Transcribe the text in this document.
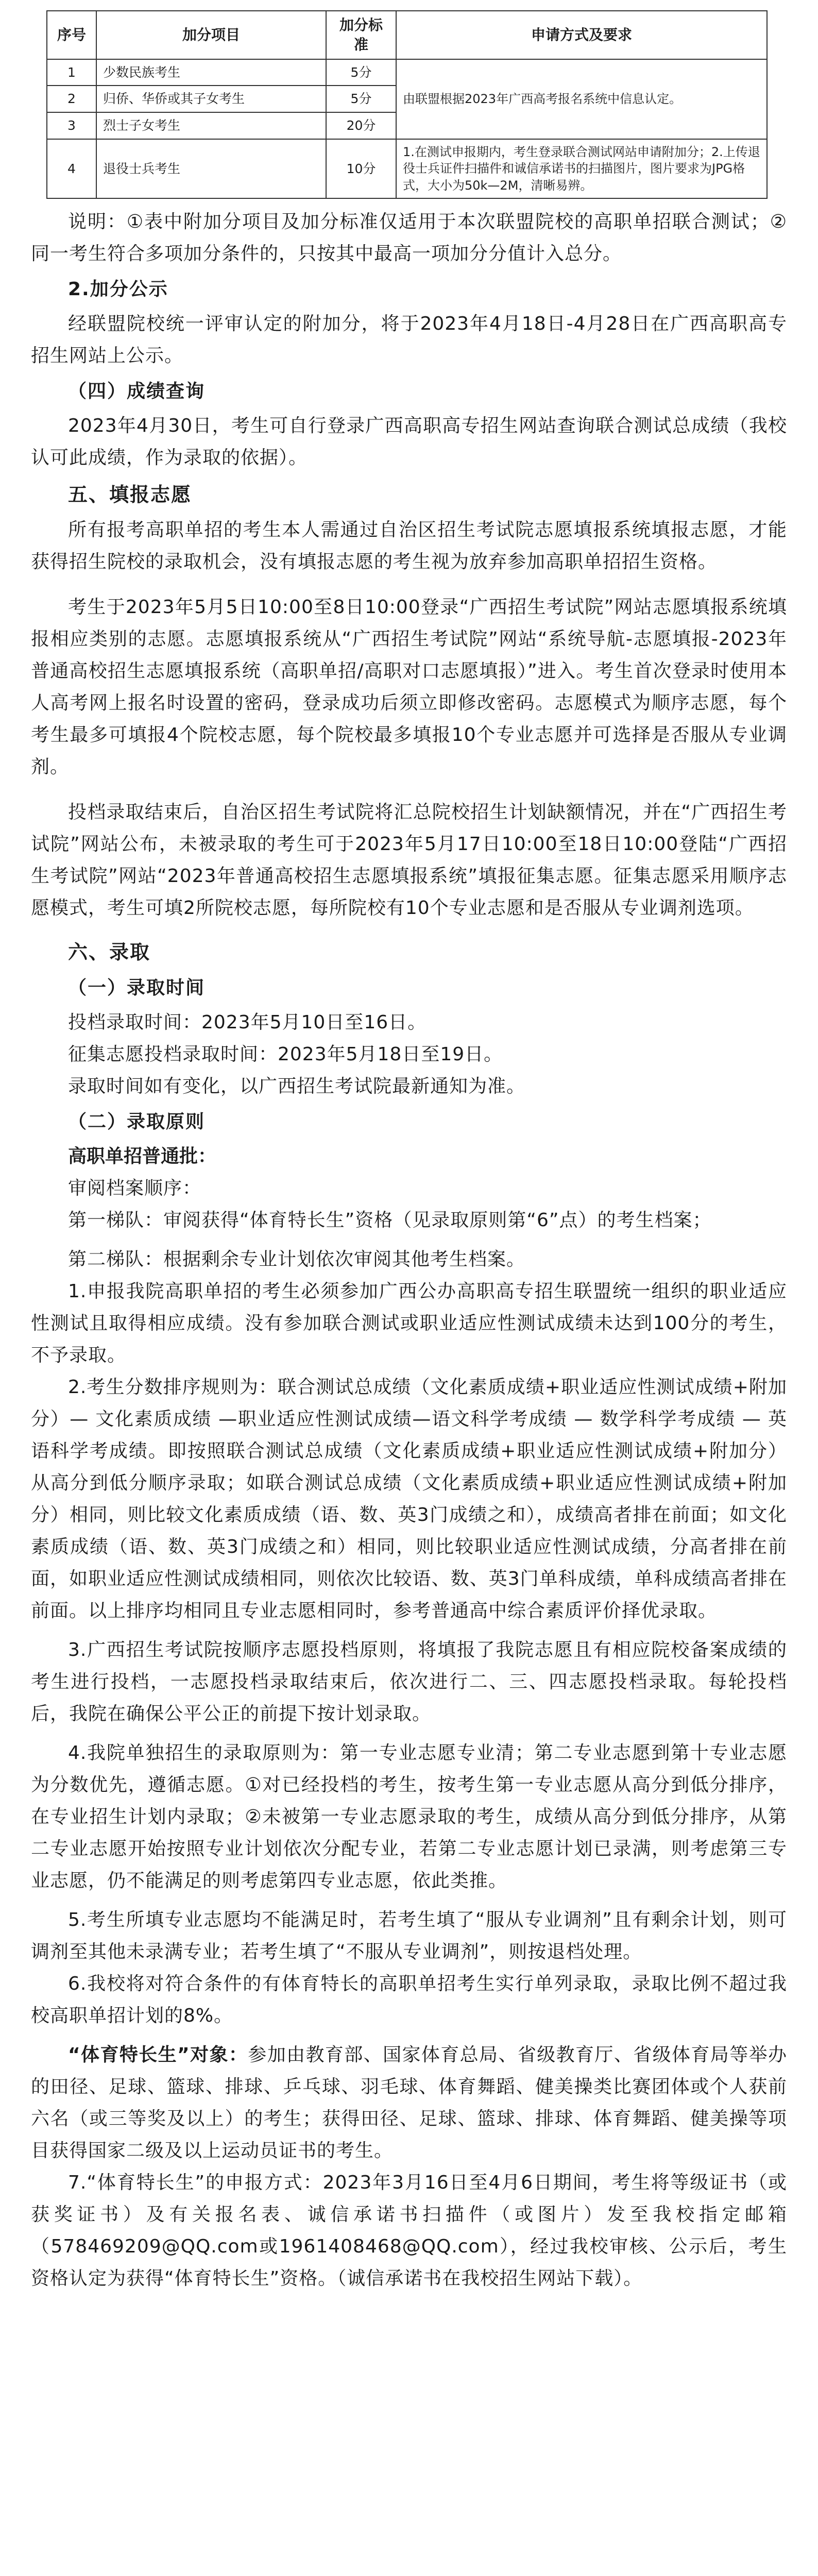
序号	加分项目	加分标准	申请方式及要求
1	少数民族考生	5分	由联盟根据2023年广西高考报名系统中信息认定。
2	归侨、华侨或其子女考生	5分	
3	烈士子女考生	20分	
4	退役士兵考生	10分	1.在测试申报期内，考生登录联合测试网站申请附加分；2.上传退役士兵证件扫描件和诚信承诺书的扫描图片，图片要求为JPG格式，大小为50k—2M，清晰易辨。

说明：①表中附加分项目及加分标准仅适用于本次联盟院校的高职单招联合测试；②同一考生符合多项加分条件的，只按其中最高一项加分分值计入总分。

2.加分公示

经联盟院校统一评审认定的附加分，将于2023年4月18日-4月28日在广西高职高专招生网站上公示。

（四）成绩查询

2023年4月30日，考生可自行登录广西高职高专招生网站查询联合测试总成绩（我校认可此成绩，作为录取的依据）。

五、填报志愿

所有报考高职单招的考生本人需通过自治区招生考试院志愿填报系统填报志愿，才能获得招生院校的录取机会，没有填报志愿的考生视为放弃参加高职单招招生资格。

考生于2023年5月5日10:00至8日10:00登录“广西招生考试院”网站志愿填报系统填报相应类别的志愿。志愿填报系统从“广西招生考试院”网站“系统导航-志愿填报-2023年普通高校招生志愿填报系统（高职单招/高职对口志愿填报）”进入。考生首次登录时使用本人高考网上报名时设置的密码，登录成功后须立即修改密码。志愿模式为顺序志愿，每个考生最多可填报4个院校志愿，每个院校最多填报10个专业志愿并可选择是否服从专业调剂。

投档录取结束后，自治区招生考试院将汇总院校招生计划缺额情况，并在“广西招生考试院”网站公布，未被录取的考生可于2023年5月17日10:00至18日10:00登陆“广西招生考试院”网站“2023年普通高校招生志愿填报系统”填报征集志愿。征集志愿采用顺序志愿模式，考生可填2所院校志愿，每所院校有10个专业志愿和是否服从专业调剂选项。

六、录取
（一）录取时间

投档录取时间：2023年5月10日至16日。

征集志愿投档录取时间：2023年5月18日至19日。

录取时间如有变化，以广西招生考试院最新通知为准。

（二）录取原则
高职单招普通批：

审阅档案顺序：

第一梯队：审阅获得“体育特长生”资格（见录取原则第“6”点）的考生档案；

第二梯队：根据剩余专业计划依次审阅其他考生档案。

1.申报我院高职单招的考生必须参加广西公办高职高专招生联盟统一组织的职业适应性测试且取得相应成绩。没有参加联合测试或职业适应性测试成绩未达到100分的考生，不予录取。

2.考生分数排序规则为：联合测试总成绩（文化素质成绩+职业适应性测试成绩+附加分）— 文化素质成绩 —职业适应性测试成绩—语文科学考成绩 — 数学科学考成绩 — 英语科学考成绩。即按照联合测试总成绩（文化素质成绩+职业适应性测试成绩+附加分）从高分到低分顺序录取；如联合测试总成绩（文化素质成绩+职业适应性测试成绩+附加分）相同，则比较文化素质成绩（语、数、英3门成绩之和），成绩高者排在前面；如文化素质成绩（语、数、英3门成绩之和）相同，则比较职业适应性测试成绩，分高者排在前面，如职业适应性测试成绩相同，则依次比较语、数、英3门单科成绩，单科成绩高者排在前面。以上排序均相同且专业志愿相同时，参考普通高中综合素质评价择优录取。

3.广西招生考试院按顺序志愿投档原则，将填报了我院志愿且有相应院校备案成绩的考生进行投档，一志愿投档录取结束后，依次进行二、三、四志愿投档录取。每轮投档后，我院在确保公平公正的前提下按计划录取。

4.我院单独招生的录取原则为：第一专业志愿专业清；第二专业志愿到第十专业志愿为分数优先，遵循志愿。①对已经投档的考生，按考生第一专业志愿从高分到低分排序，在专业招生计划内录取；②未被第一专业志愿录取的考生，成绩从高分到低分排序，从第二专业志愿开始按照专业计划依次分配专业，若第二专业志愿计划已录满，则考虑第三专业志愿，仍不能满足的则考虑第四专业志愿，依此类推。

5.考生所填专业志愿均不能满足时，若考生填了“服从专业调剂”且有剩余计划，则可调剂至其他未录满专业；若考生填了“不服从专业调剂”，则按退档处理。

6.我校将对符合条件的有体育特长的高职单招考生实行单列录取，录取比例不超过我校高职单招计划的8%。

“体育特长生”对象：参加由教育部、国家体育总局、省级教育厅、省级体育局等举办的田径、足球、篮球、排球、乒乓球、羽毛球、体育舞蹈、健美操类比赛团体或个人获前六名（或三等奖及以上）的考生；获得田径、足球、篮球、排球、体育舞蹈、健美操等项目获得国家二级及以上运动员证书的考生。

7.“体育特长生”的申报方式：2023年3月16日至4月6日期间，考生将等级证书（或获奖证书）及有关报名表、诚信承诺书扫描件（或图片）发至我校指定邮箱（578469209@QQ.com或1961408468@QQ.com），经过我校审核、公示后，考生资格认定为获得“体育特长生”资格。（诚信承诺书在我校招生网站下载）。
